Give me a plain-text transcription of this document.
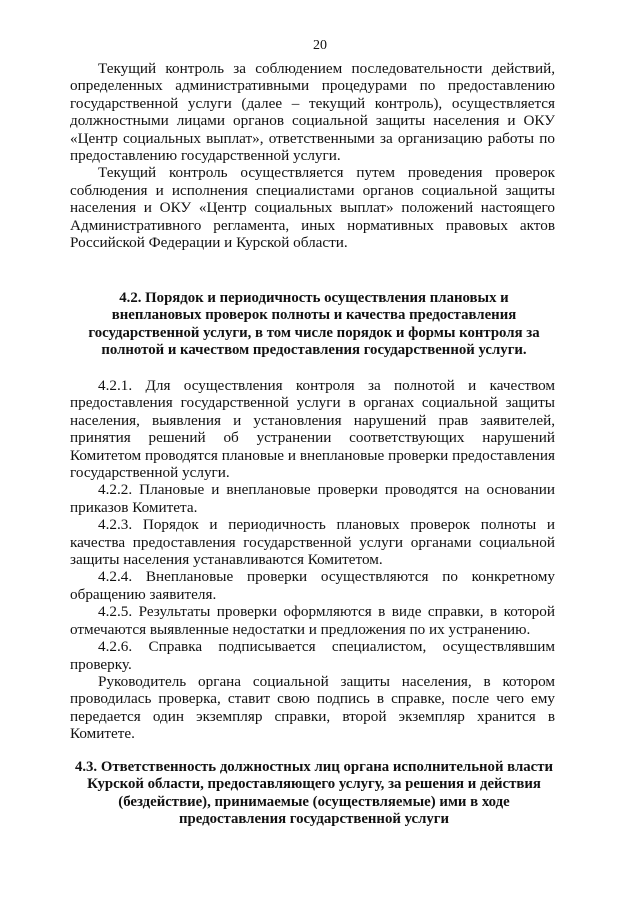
20

Текущий контроль за соблюдением последовательности действий, определенных административными процедурами по предоставлению государственной услуги (далее – текущий контроль), осуществляется должностными лицами органов социальной защиты населения и ОКУ «Центр социальных выплат», ответственными за организацию работы по предоставлению государственной услуги.

Текущий контроль осуществляется путем проведения проверок соблюдения и исполнения специалистами органов социальной защиты населения и ОКУ «Центр социальных выплат» положений настоящего Административного регламента, иных нормативных правовых актов Российской Федерации и Курской области.

4.2. Порядок и периодичность осуществления плановых и внеплановых проверок полноты и качества предоставления государственной услуги, в том числе порядок и формы контроля за полнотой и качеством предоставления государственной услуги.

4.2.1. Для осуществления контроля за полнотой и качеством предоставления государственной услуги в органах социальной защиты населения, выявления и установления нарушений прав заявителей, принятия решений об устранении соответствующих нарушений Комитетом проводятся плановые и внеплановые проверки предоставления государственной услуги.

4.2.2. Плановые и внеплановые проверки проводятся на основании приказов Комитета.

4.2.3. Порядок и периодичность плановых проверок полноты и качества предоставления государственной услуги органами социальной защиты населения устанавливаются Комитетом.

4.2.4. Внеплановые проверки осуществляются по конкретному обращению заявителя.

4.2.5. Результаты проверки оформляются в виде справки, в которой отмечаются выявленные недостатки и предложения по их устранению.

4.2.6. Справка подписывается специалистом, осуществлявшим проверку.

Руководитель органа социальной защиты населения, в котором проводилась проверка, ставит свою подпись в справке, после чего ему передается один экземпляр справки, второй экземпляр хранится в Комитете.

4.3. Ответственность должностных лиц органа исполнительной власти Курской области, предоставляющего услугу, за решения и действия (бездействие), принимаемые (осуществляемые) ими в ходе предоставления государственной услуги
